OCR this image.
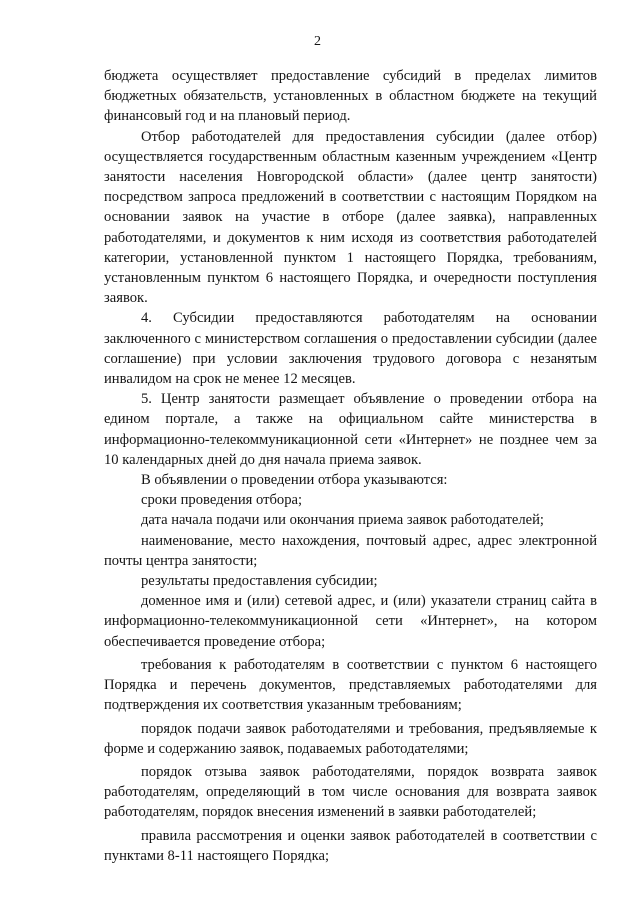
2

бюджета осуществляет предоставление субсидий в пределах лимитов бюджетных обязательств, установленных в областном бюджете на текущий финансовый год и на плановый период.

Отбор работодателей для предоставления субсидии (далее отбор) осуществляется государственным областным казенным учреждением «Центр занятости населения Новгородской области» (далее центр занятости) посредством запроса предложений в соответствии с настоящим Порядком на основании заявок на участие в отборе (далее заявка), направленных работодателями, и документов к ним исходя из соответствия работодателей категории, установленной пунктом 1 настоящего Порядка, требованиям, установленным пунктом 6 настоящего Порядка, и очередности поступления заявок.

4. Субсидии предоставляются работодателям на основании заключенного с министерством соглашения о предоставлении субсидии (далее соглашение) при условии заключения трудового договора с незанятым инвалидом на срок не менее 12 месяцев.

5. Центр занятости размещает объявление о проведении отбора на едином портале, а также на официальном сайте министерства в информационно-телекоммуникационной сети «Интернет» не позднее чем за 10 календарных дней до дня начала приема заявок.

В объявлении о проведении отбора указываются:

сроки проведения отбора;

дата начала подачи или окончания приема заявок работодателей;

наименование, место нахождения, почтовый адрес, адрес электронной почты центра занятости;

результаты предоставления субсидии;

доменное имя и (или) сетевой адрес, и (или) указатели страниц сайта в информационно-телекоммуникационной сети «Интернет», на котором обеспечивается проведение отбора;

требования к работодателям в соответствии с пунктом 6 настоящего Порядка и перечень документов, представляемых работодателями для подтверждения их соответствия указанным требованиям;

порядок подачи заявок работодателями и требования, предъявляемые к форме и содержанию заявок, подаваемых работодателями;

порядок отзыва заявок работодателями, порядок возврата заявок работодателям, определяющий в том числе основания для возврата заявок работодателям, порядок внесения изменений в заявки работодателей;

правила рассмотрения и оценки заявок работодателей в соответствии с пунктами 8-11 настоящего Порядка;
